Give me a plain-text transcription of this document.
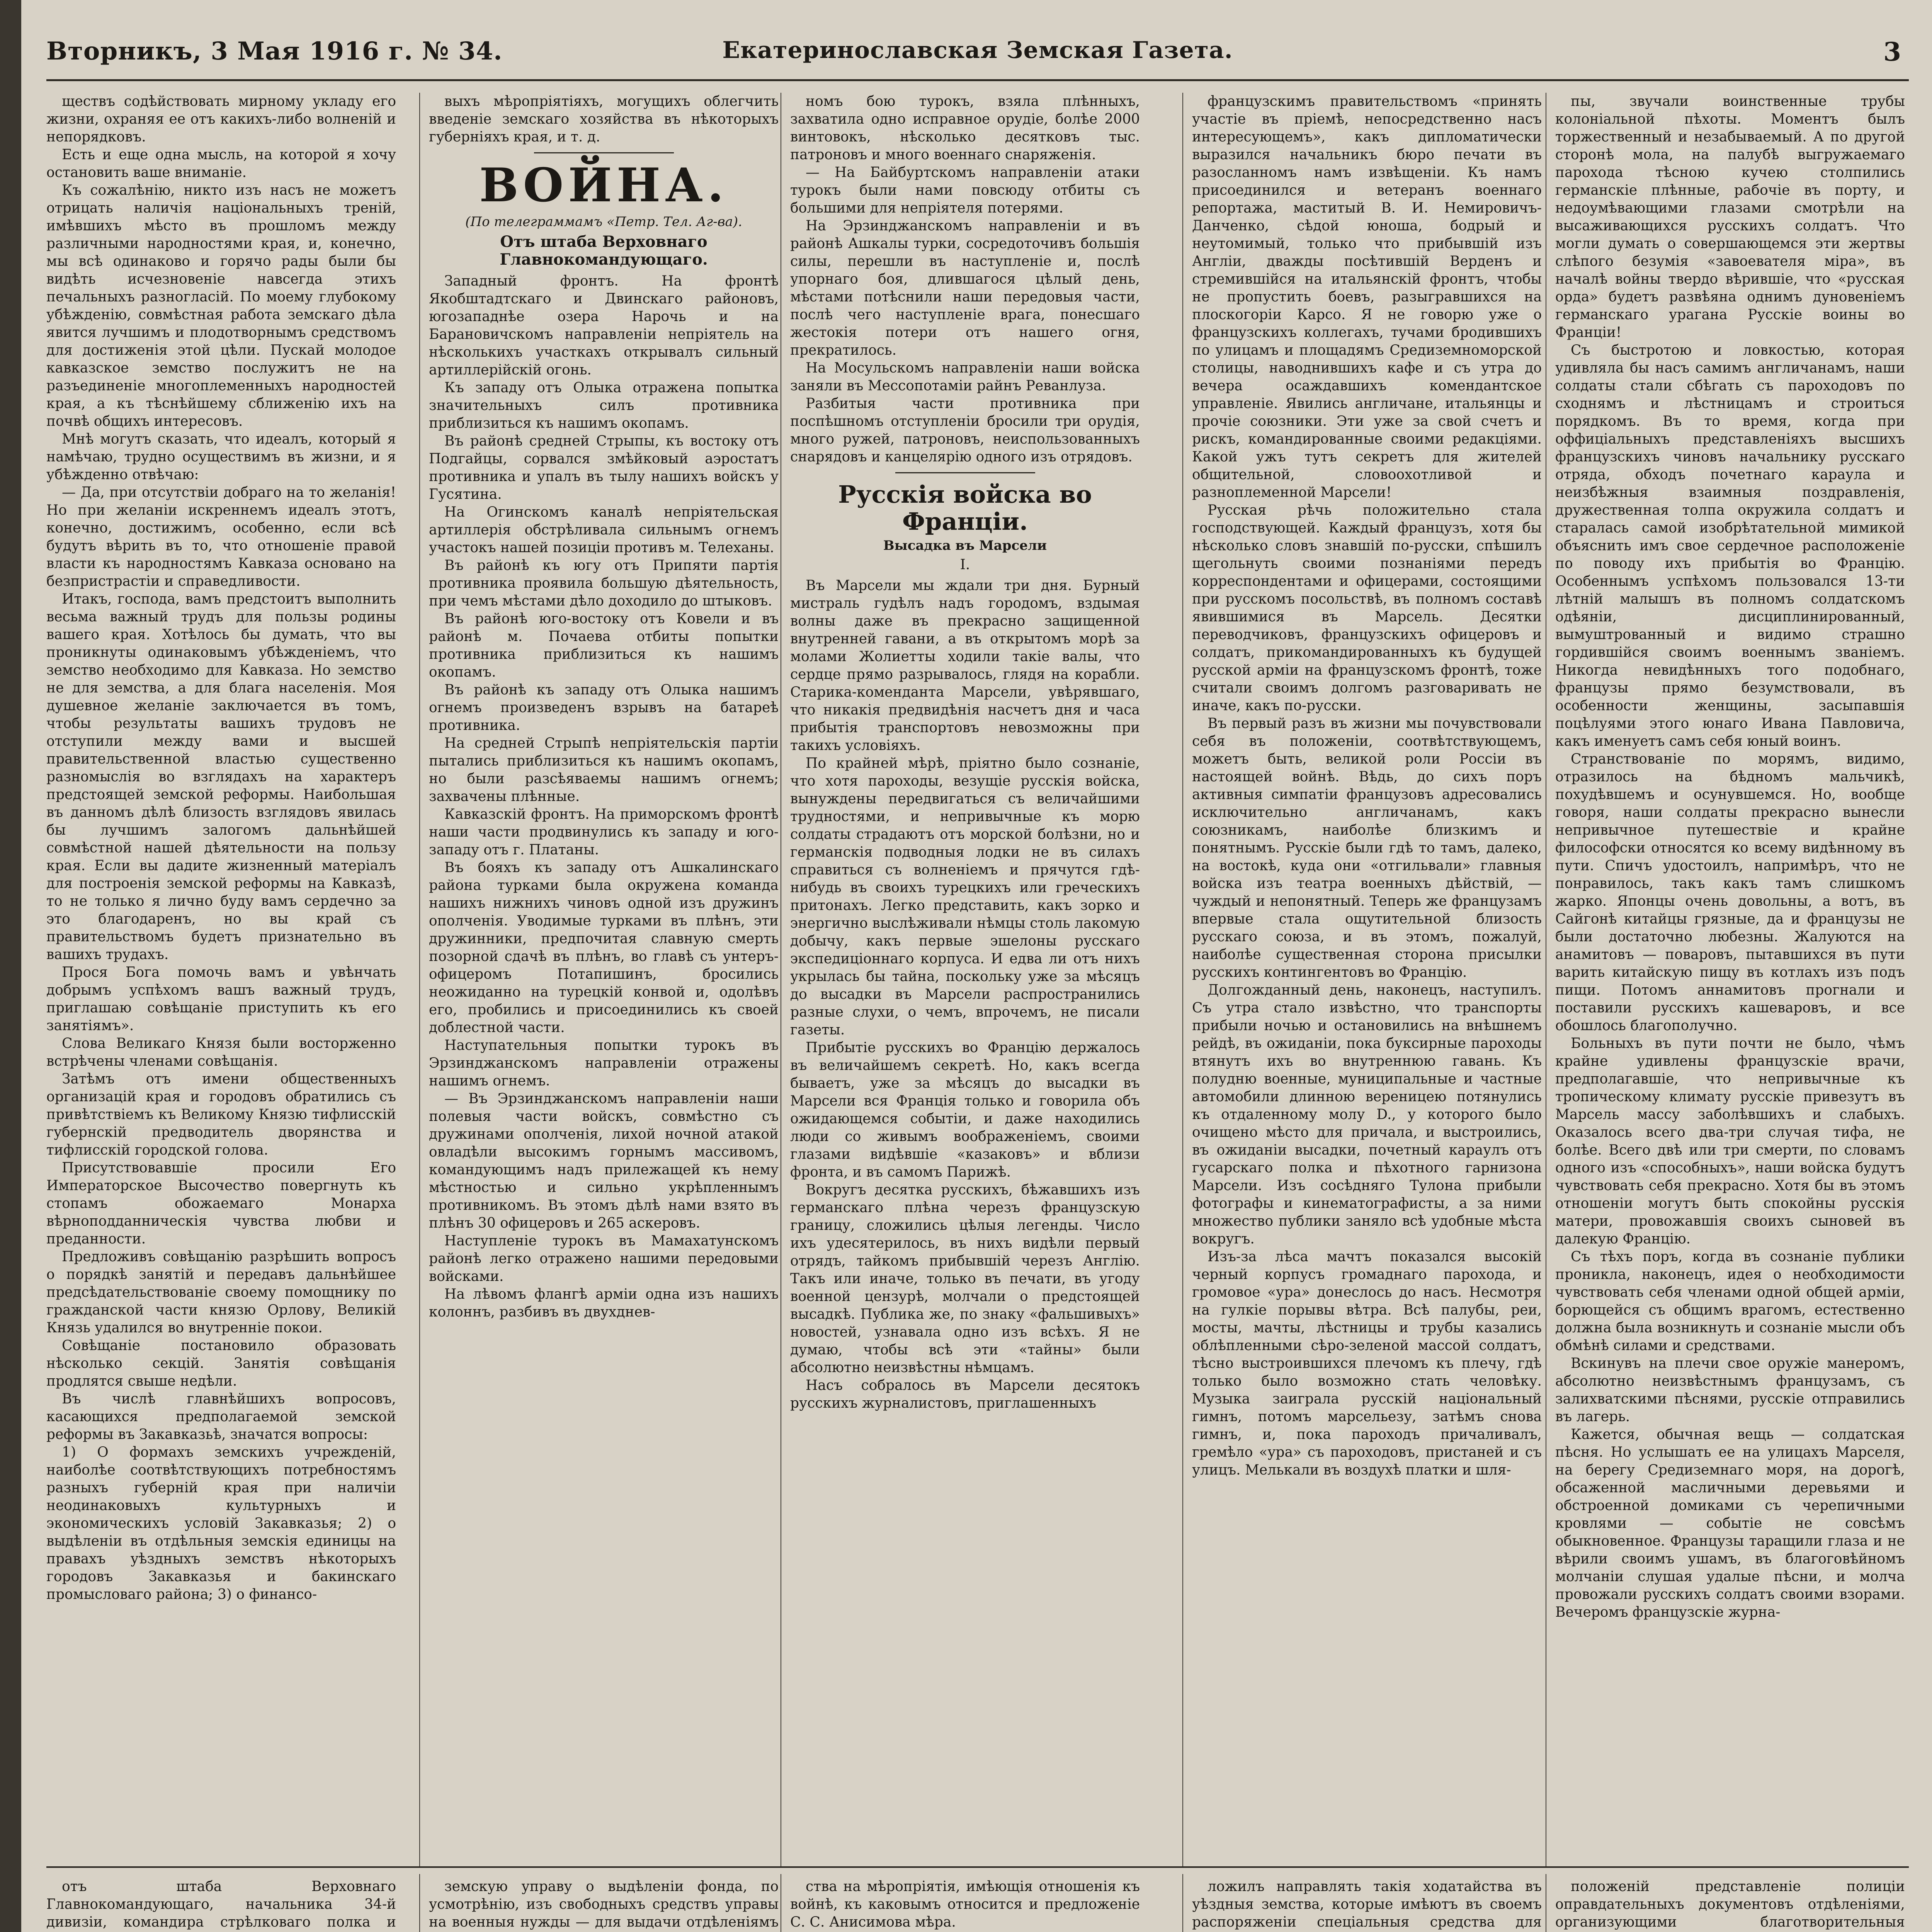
Вторникъ, 3 Мая 1916 г. № 34.	Екатеринославская Земская Газета.	3

ществъ содѣйствовать мирному укладу его жизни, охраняя ее отъ какихъ-либо волненій и непорядковъ.

Есть и еще одна мысль, на которой я хочу остановить ваше вниманіе.

Къ сожалѣнію, никто изъ насъ не можетъ отрицать наличія національныхъ треній, имѣвшихъ мѣсто въ прошломъ между различными народностями края, и, конечно, мы всѣ одинаково и горячо рады были бы видѣть исчезновеніе навсегда этихъ печальныхъ разногласій. По моему глубокому убѣжденію, совмѣстная работа земскаго дѣла явится лучшимъ и плодотворнымъ средствомъ для достиженія этой цѣли. Пускай молодое кавказское земство послужитъ не на разъединеніе многоплеменныхъ народностей края, а къ тѣснѣйшему сближенію ихъ на почвѣ общихъ интересовъ.

Мнѣ могутъ сказать, что идеалъ, который я намѣчаю, трудно осуществимъ въ жизни, и я убѣжденно отвѣчаю:

— Да, при отсутствіи добраго на то желанія! Но при желаніи искреннемъ идеалъ этотъ, конечно, достижимъ, особенно, если всѣ будутъ вѣрить въ то, что отношеніе правой власти къ народностямъ Кавказа основано на безпристрастіи и справедливости.

Итакъ, господа, вамъ предстоитъ выполнить весьма важный трудъ для пользы родины вашего края. Хотѣлось бы думать, что вы проникнуты одинаковымъ убѣжденіемъ, что земство необходимо для Кавказа. Но земство не для земства, а для блага населенія. Моя душевное желаніе заключается въ томъ, чтобы результаты вашихъ трудовъ не отступили между вами и высшей правительственной властью существенно разномыслія во взглядахъ на характеръ предстоящей земской реформы. Наибольшая въ данномъ дѣлѣ близость взглядовъ явилась бы лучшимъ залогомъ дальнѣйшей совмѣстной нашей дѣятельности на пользу края. Если вы дадите жизненный матеріалъ для построенія земской реформы на Кавказѣ, то не только я лично буду вамъ сердечно за это благодаренъ, но вы край съ правительствомъ будетъ признательно въ вашихъ трудахъ.

Прося Бога помочь вамъ и увѣнчать добрымъ успѣхомъ вашъ важный трудъ, приглашаю совѣщаніе приступить къ его занятіямъ».

Слова Великаго Князя были восторженно встрѣчены членами совѣщанія.

Затѣмъ отъ имени общественныхъ организацій края и городовъ обратились съ привѣтствіемъ къ Великому Князю тифлисскій губернскій предводитель дворянства и тифлисскій городской голова.

Присутствовавшіе просили Его Императорское Высочество повергнуть къ стопамъ обожаемаго Монарха вѣрноподданническія чувства любви и преданности.

Предложивъ совѣщанію разрѣшить вопросъ о порядкѣ занятій и передавъ дальнѣйшее предсѣдательствованіе своему помощнику по гражданской части князю Орлову, Великій Князь удалился во внутренніе покои.

Совѣщаніе постановило образовать нѣсколько секцій. Занятія совѣщанія продлятся свыше недѣли.

Въ числѣ главнѣйшихъ вопросовъ, касающихся предполагаемой земской реформы въ Закавказьѣ, значатся вопросы:

1) О формахъ земскихъ учрежденій, наиболѣе соотвѣтствующихъ потребностямъ разныхъ губерній края при наличіи неодинаковыхъ культурныхъ и экономическихъ условій Закавказья; 2) о выдѣленіи въ отдѣльныя земскія единицы на правахъ уѣздныхъ земствъ нѣкоторыхъ городовъ Закавказья и бакинскаго промысловаго района; 3) о финансо-

выхъ мѣропріятіяхъ, могущихъ облегчить введеніе земскаго хозяйства въ нѣкоторыхъ губерніяхъ края, и т. д.

ВОЙНА.
(По телеграммамъ «Петр. Тел. Аг-ва).
Отъ штаба Верховнаго Главнокомандующаго.

Западный фронтъ. На фронтѣ Якобштадтскаго и Двинскаго районовъ, югозападнѣе озера Нарочь и на Барановичскомъ направленіи непріятель на нѣсколькихъ участкахъ открывалъ сильный артиллерійскій огонь.

Къ западу отъ Олыка отражена попытка значительныхъ силъ противника приблизиться къ нашимъ окопамъ.

Въ районѣ средней Стрыпы, къ востоку отъ Подгайцы, сорвался змѣйковый аэростатъ противника и упалъ въ тылу нашихъ войскъ у Гусятина.

На Огинскомъ каналѣ непріятельская артиллерія обстрѣливала сильнымъ огнемъ участокъ нашей позиціи противъ м. Телеханы.

Въ районѣ къ югу отъ Припяти партія противника проявила большую дѣятельность, при чемъ мѣстами дѣло доходило до штыковъ.

Въ районѣ юго-востоку отъ Ковели и въ районѣ м. Почаева отбиты попытки противника приблизиться къ нашимъ окопамъ.

Въ районѣ къ западу отъ Олыка нашимъ огнемъ произведенъ взрывъ на батареѣ противника.

На средней Стрыпѣ непріятельскія партіи пытались приблизиться къ нашимъ окопамъ, но были разсѣяваемы нашимъ огнемъ; захвачены плѣнные.

Кавказскій фронтъ. На приморскомъ фронтѣ наши части продвинулись къ западу и юго-западу отъ г. Платаны.

Въ бояхъ къ западу отъ Ашкалинскаго района турками была окружена команда нашихъ нижнихъ чиновъ одной изъ дружинъ ополченія. Уводимые турками въ плѣнъ, эти дружинники, предпочитая славную смерть позорной сдачѣ въ плѣнъ, во главѣ съ унтеръ-офицеромъ Потапишинъ, бросились неожиданно на турецкій конвой и, одолѣвъ его, пробились и присоединились къ своей доблестной части.

Наступательныя попытки турокъ въ Эрзинджанскомъ направленіи отражены нашимъ огнемъ.

— Въ Эрзинджанскомъ направленіи наши полевыя части войскъ, совмѣстно съ дружинами ополченія, лихой ночной атакой овладѣли высокимъ горнымъ массивомъ, командующимъ надъ прилежащей къ нему мѣстностью и сильно укрѣпленнымъ противникомъ. Въ этомъ дѣлѣ нами взято въ плѣнъ 30 офицеровъ и 265 аскеровъ.

Наступленіе турокъ въ Мамахатунскомъ районѣ легко отражено нашими передовыми войсками.

На лѣвомъ флангѣ арміи одна изъ нашихъ колоннъ, разбивъ въ двухднев-

номъ бою турокъ, взяла плѣнныхъ, захватила одно исправное орудіе, болѣе 2000 винтовокъ, нѣсколько десятковъ тыс. патроновъ и много военнаго снаряженія.

— На Байбуртскомъ направленіи атаки турокъ были нами повсюду отбиты съ большими для непріятеля потерями.

На Эрзинджанскомъ направленіи и въ районѣ Ашкалы турки, сосредоточивъ большія силы, перешли въ наступленіе и, послѣ упорнаго боя, длившагося цѣлый день, мѣстами потѣснили наши передовыя части, послѣ чего наступленіе врага, понесшаго жестокія потери отъ нашего огня, прекратилось.

На Мосульскомъ направленіи наши войска заняли въ Мессопотаміи райнъ Реванлуза.

Разбитыя части противника при поспѣшномъ отступленіи бросили три орудія, много ружей, патроновъ, неиспользованныхъ снарядовъ и канцелярію одного изъ отрядовъ.

Русскія войска во Франціи.
Высадка въ Марсели
I.

Въ Марсели мы ждали три дня. Бурный мистраль гудѣлъ надъ городомъ, вздымая волны даже въ прекрасно защищенной внутренней гавани, а въ открытомъ морѣ за молами Жолиетты ходили такіе валы, что сердце прямо разрывалось, глядя на корабли. Старика-коменданта Марсели, увѣрявшаго, что никакія предвидѣнія насчетъ дня и часа прибытія транспортовъ невозможны при такихъ условіяхъ.

По крайней мѣрѣ, пріятно было сознаніе, что хотя пароходы, везущіе русскія войска, вынуждены передвигаться съ величайшими трудностями, и непривычные къ морю солдаты страдаютъ отъ морской болѣзни, но и германскія подводныя лодки не въ силахъ справиться съ волненіемъ и прячутся гдѣ-нибудь въ своихъ турецкихъ или греческихъ притонахъ. Легко представить, какъ зорко и энергично выслѣживали нѣмцы столь лакомую добычу, какъ первые эшелоны русскаго экспедиціоннаго корпуса. И едва ли отъ нихъ укрылась бы тайна, поскольку уже за мѣсяцъ до высадки въ Марсели распространились разные слухи, о чемъ, впрочемъ, не писали газеты.

Прибытіе русскихъ во Францію держалось въ величайшемъ секретѣ. Но, какъ всегда бываетъ, уже за мѣсяцъ до высадки въ Марсели вся Франція только и говорила объ ожидающемся событіи, и даже находились люди со живымъ воображеніемъ, своими глазами видѣвшіе «казаковъ» и вблизи фронта, и въ самомъ Парижѣ.

Вокругъ десятка русскихъ, бѣжавшихъ изъ германскаго плѣна черезъ французскую границу, сложились цѣлыя легенды. Число ихъ удесятерилось, въ нихъ видѣли первый отрядъ, тайкомъ прибывшій черезъ Англію. Такъ или иначе, только въ печати, въ угоду военной цензурѣ, молчали о предстоящей высадкѣ. Публика же, по знаку «фальшивыхъ» новостей, узнавала одно изъ всѣхъ. Я не думаю, чтобы всѣ эти «тайны» были абсолютно неизвѣстны нѣмцамъ.

Насъ собралось въ Марсели десятокъ русскихъ журналистовъ, приглашенныхъ

французскимъ правительствомъ «принять участіе въ пріемѣ, непосредственно насъ интересующемъ», какъ дипломатически выразился начальникъ бюро печати въ разосланномъ намъ извѣщеніи. Къ намъ присоединился и ветеранъ военнаго репортажа, маститый В. И. Немировичъ-Данченко, сѣдой юноша, бодрый и неутомимый, только что прибывшій изъ Англіи, дважды посѣтившій Верденъ и стремившійся на итальянскій фронтъ, чтобы не пропустить боевъ, разыгравшихся на плоскогоріи Карсо. Я не говорю уже о французскихъ коллегахъ, тучами бродившихъ по улицамъ и площадямъ Средиземноморской столицы, наводнившихъ кафе и съ утра до вечера осаждавшихъ комендантское управленіе. Явились англичане, итальянцы и прочіе союзники. Эти уже за свой счетъ и рискъ, командированные своими редакціями. Какой ужъ тутъ секретъ для жителей общительной, словоохотливой и разноплеменной Марсели!

Русская рѣчь положительно стала господствующей. Каждый французъ, хотя бы нѣсколько словъ знавшій по-русски, спѣшилъ щегольнуть своими познаніями передъ корреспондентами и офицерами, состоящими при русскомъ посольствѣ, въ полномъ составѣ явившимися въ Марсель. Десятки переводчиковъ, французскихъ офицеровъ и солдатъ, прикомандированныхъ къ будущей русской арміи на французскомъ фронтѣ, тоже считали своимъ долгомъ разговаривать не иначе, какъ по-русски.

Въ первый разъ въ жизни мы почувствовали себя въ положеніи, соотвѣтствующемъ, можетъ быть, великой роли Россіи въ настоящей войнѣ. Вѣдь, до сихъ поръ активныя симпатіи французовъ адресовались исключительно англичанамъ, какъ союзникамъ, наиболѣе близкимъ и понятнымъ. Русскіе были гдѣ то тамъ, далеко, на востокѣ, куда они «отгильвали» главныя войска изъ театра военныхъ дѣйствій, — чуждый и непонятный. Теперь же французамъ впервые стала ощутительной близость русскаго союза, и въ этомъ, пожалуй, наиболѣе существенная сторона присылки русскихъ контингентовъ во Францію.

Долгожданный день, наконецъ, наступилъ. Съ утра стало извѣстно, что транспорты прибыли ночью и остановились на внѣшнемъ рейдѣ, въ ожиданіи, пока буксирные пароходы втянутъ ихъ во внутреннюю гавань. Къ полудню военные, муниципальные и частные автомобили длинною вереницею потянулись къ отдаленному молу D., у которого было очищено мѣсто для причала, и выстроились, въ ожиданіи высадки, почетный караулъ отъ гусарскаго полка и пѣхотного гарнизона Марсели. Изъ сосѣдняго Тулона прибыли фотографы и кинематографисты, а за ними множество публики заняло всѣ удобные мѣста вокругъ.

Изъ-за лѣса мачтъ показался высокій черный корпусъ громаднаго парохода, и громовое «ура» донеслось до насъ. Несмотря на гулкіе порывы вѣтра. Всѣ палубы, реи, мосты, мачты, лѣстницы и трубы казались облѣпленными сѣро-зеленой массой солдатъ, тѣсно выстроившихся плечомъ къ плечу, гдѣ только было возможно стать человѣку. Музыка заиграла русскій національный гимнъ, потомъ марсельезу, затѣмъ снова гимнъ, и, пока пароходъ причаливалъ, гремѣло «ура» съ пароходовъ, пристаней и съ улицъ. Мелькали въ воздухѣ платки и шля-

пы, звучали воинственные трубы колоніальной пѣхоты. Моментъ былъ торжественный и незабываемый. А по другой сторонѣ мола, на палубѣ выгружаемаго парохода тѣсною кучею столпились германскіе плѣнные, рабочіе въ порту, и недоумѣвающими глазами смотрѣли на высаживающихся русскихъ солдатъ. Что могли думать о совершающемся эти жертвы слѣпого безумія «завоевателя міра», въ началѣ войны твердо вѣрившіе, что «русская орда» будетъ развѣяна однимъ дуновеніемъ германскаго урагана Русскіе воины во Франціи!

Съ быстротою и ловкостью, которая удивляла бы насъ самимъ англичанамъ, наши солдаты стали сбѣгать съ пароходовъ по сходнямъ и лѣстницамъ и строиться порядкомъ. Въ то время, когда при оффиціальныхъ представленіяхъ высшихъ французскихъ чиновъ начальнику русскаго отряда, обходъ почетнаго караула и неизбѣжныя взаимныя поздравленія, дружественная толпа окружила солдатъ и старалась самой изобрѣтательной мимикой объяснить имъ свое сердечное расположеніе по поводу ихъ прибытія во Францію. Особеннымъ успѣхомъ пользовался 13-ти лѣтній малышъ въ полномъ солдатскомъ одѣяніи, дисциплинированный, вымуштрованный и видимо страшно гордившійся своимъ военнымъ званіемъ. Никогда невидѣнныхъ того подобнаго, французы прямо безумствовали, въ особенности женщины, засыпавшія поцѣлуями этого юнаго Ивана Павловича, какъ именуетъ самъ себя юный воинъ.

Странствованіе по морямъ, видимо, отразилось на бѣдномъ мальчикѣ, похудѣвшемъ и осунувшемся. Но, вообще говоря, наши солдаты прекрасно вынесли непривычное путешествіе и крайне философски относятся ко всему видѣнному въ пути. Спичъ удостоилъ, напримѣръ, что не понравилось, такъ какъ тамъ слишкомъ жарко. Японцы очень довольны, а вотъ, въ Сайгонѣ китайцы грязные, да и французы не были достаточно любезны. Жалуются на анамитовъ — поваровъ, пытавшихся въ пути варить китайскую пищу въ котлахъ изъ подъ пищи. Потомъ аннамитовъ прогнали и поставили русскихъ кашеваровъ, и все обошлось благополучно.

Больныхъ въ пути почти не было, чѣмъ крайне удивлены французскіе врачи, предполагавшіе, что непривычные къ тропическому климату русскіе привезутъ въ Марсель массу заболѣвшихъ и слабыхъ. Оказалось всего два-три случая тифа, не болѣе. Всего двѣ или три смерти, по словамъ одного изъ «способныхъ», наши войска будутъ чувствовать себя прекрасно. Хотя бы въ этомъ отношеніи могутъ быть спокойны русскія матери, провожавшія своихъ сыновей въ далекую Францію.

Съ тѣхъ поръ, когда въ сознаніе публики проникла, наконецъ, идея о необходимости чувствовать себя членами одной общей арміи, борющейся съ общимъ врагомъ, естественно должна была возникнуть и сознаніе мысли объ обмѣнѣ силами и средствами.

Вскинувъ на плечи свое оружіе манеромъ, абсолютно неизвѣстнымъ французамъ, съ залихватскими пѣснями, русскіе отправились въ лагерь.

Кажется, обычная вещь — солдатская пѣсня. Но услышать ее на улицахъ Марселя, на берегу Средиземнаго моря, на дорогѣ, обсаженной масличными деревьями и обстроенной домиками съ черепичными кровлями — событіе не совсѣмъ обыкновенное. Французы таращили глаза и не вѣрили своимъ ушамъ, въ благоговѣйномъ молчаніи слушая удалые пѣсни, и молча провожали русскихъ солдатъ своими взорами. Вечеромъ французскіе журна-

отъ штаба Верховнаго Главнокомандующаго, начальника 34-й дивизіи, командира стрѣлковаго полка и

земскую управу о выдѣленіи фонда, по усмотрѣнію, изъ свободныхъ средствъ управы на военныя нужды — для выдачи отдѣленіямъ

ства на мѣропріятія, имѣющія отношенія къ войнѣ, къ каковымъ относится и предложеніе С. С. Анисимова мѣра.

ложилъ направлять такія ходатайства въ уѣздныя земства, которые имѣютъ въ своемъ распоряженіи спеціальныя средства для

положеній представленіе полиціи оправдательныхъ документовъ отдѣленіями, организующими благотворительныя
